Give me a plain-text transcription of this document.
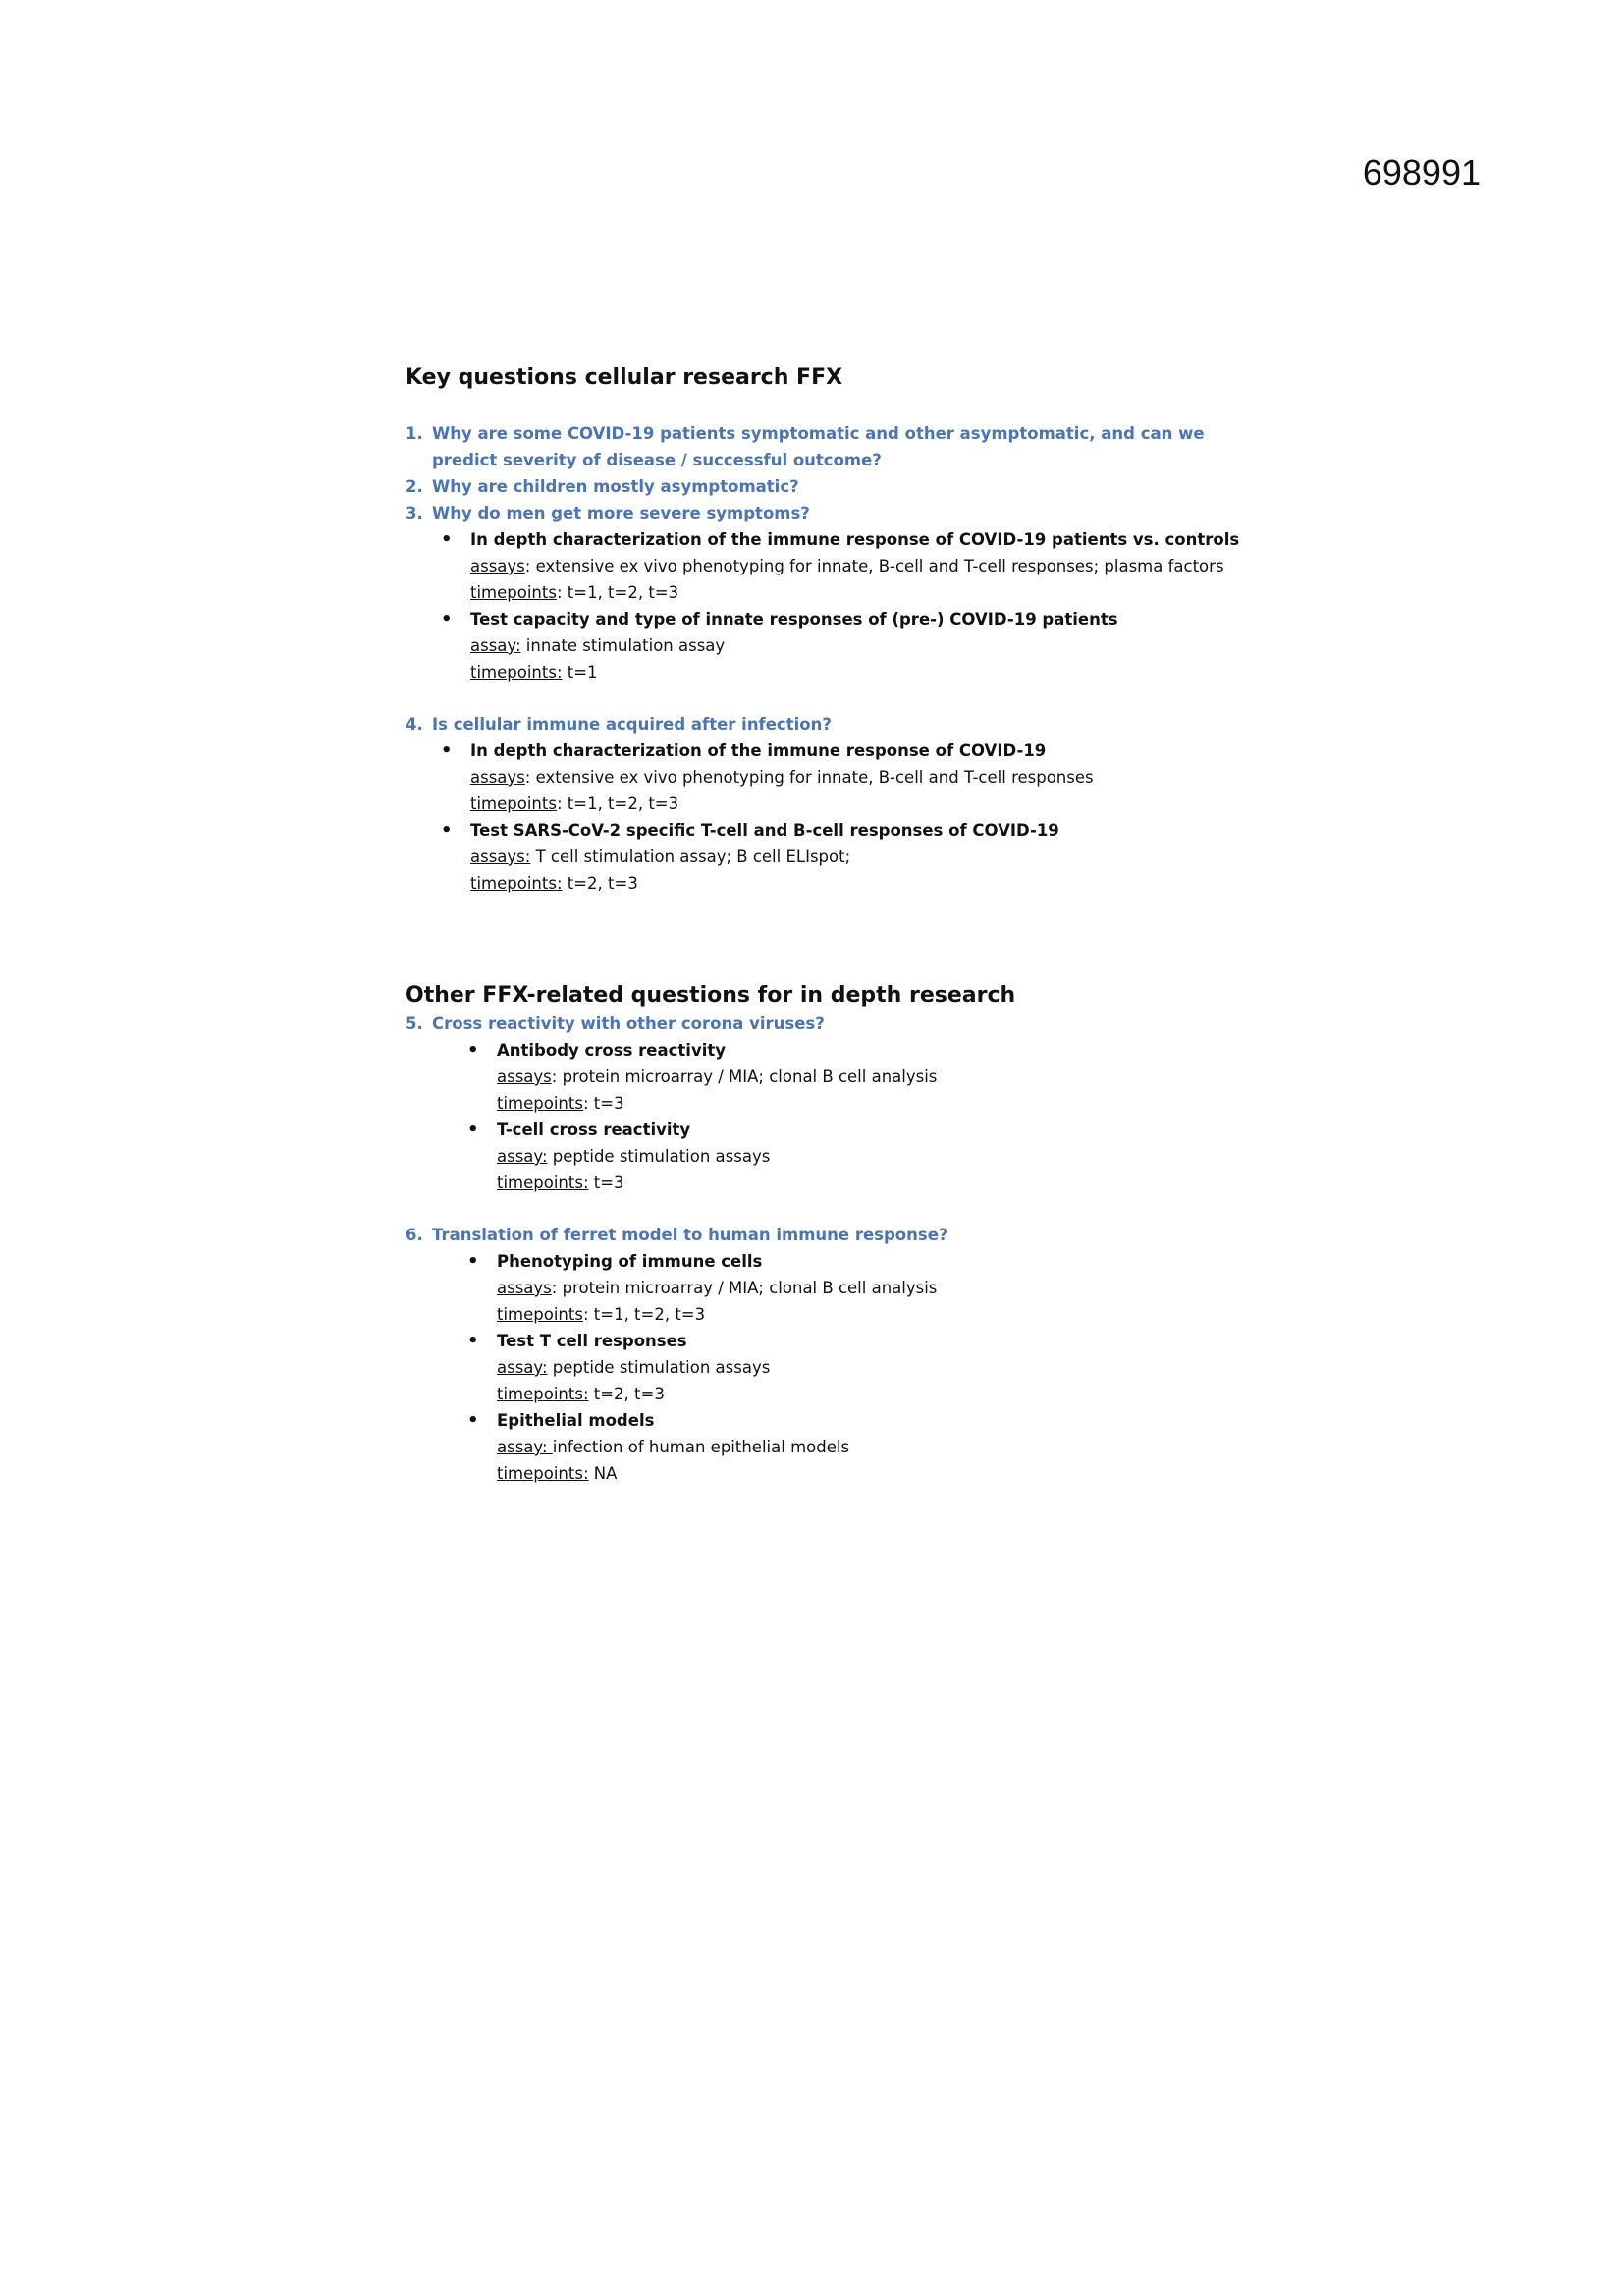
698991
Key questions cellular research FFX
1. Why are some COVID-19 patients symptomatic and other asymptomatic, and can we predict severity of disease / successful outcome?
2. Why are children mostly asymptomatic?
3. Why do men get more severe symptoms?
• In depth characterization of the immune response of COVID-19 patients vs. controls
assays: extensive ex vivo phenotyping for innate, B-cell and T-cell responses; plasma factors
timepoints: t=1, t=2, t=3
• Test capacity and type of innate responses of (pre-) COVID-19 patients
assay: innate stimulation assay
timepoints: t=1
4. Is cellular immune acquired after infection?
• In depth characterization of the immune response of COVID-19
assays: extensive ex vivo phenotyping for innate, B-cell and T-cell responses
timepoints: t=1, t=2, t=3
• Test SARS-CoV-2 specific T-cell and B-cell responses of COVID-19
assays: T cell stimulation assay; B cell ELIspot;
timepoints: t=2, t=3
Other FFX-related questions for in depth research
5. Cross reactivity with other corona viruses?
• Antibody cross reactivity
assays: protein microarray / MIA; clonal B cell analysis
timepoints: t=3
• T-cell cross reactivity
assay: peptide stimulation assays
timepoints: t=3
6. Translation of ferret model to human immune response?
• Phenotyping of immune cells
assays: protein microarray / MIA; clonal B cell analysis
timepoints: t=1, t=2, t=3
• Test T cell responses
assay: peptide stimulation assays
timepoints: t=2, t=3
• Epithelial models
assay: infection of human epithelial models
timepoints: NA
